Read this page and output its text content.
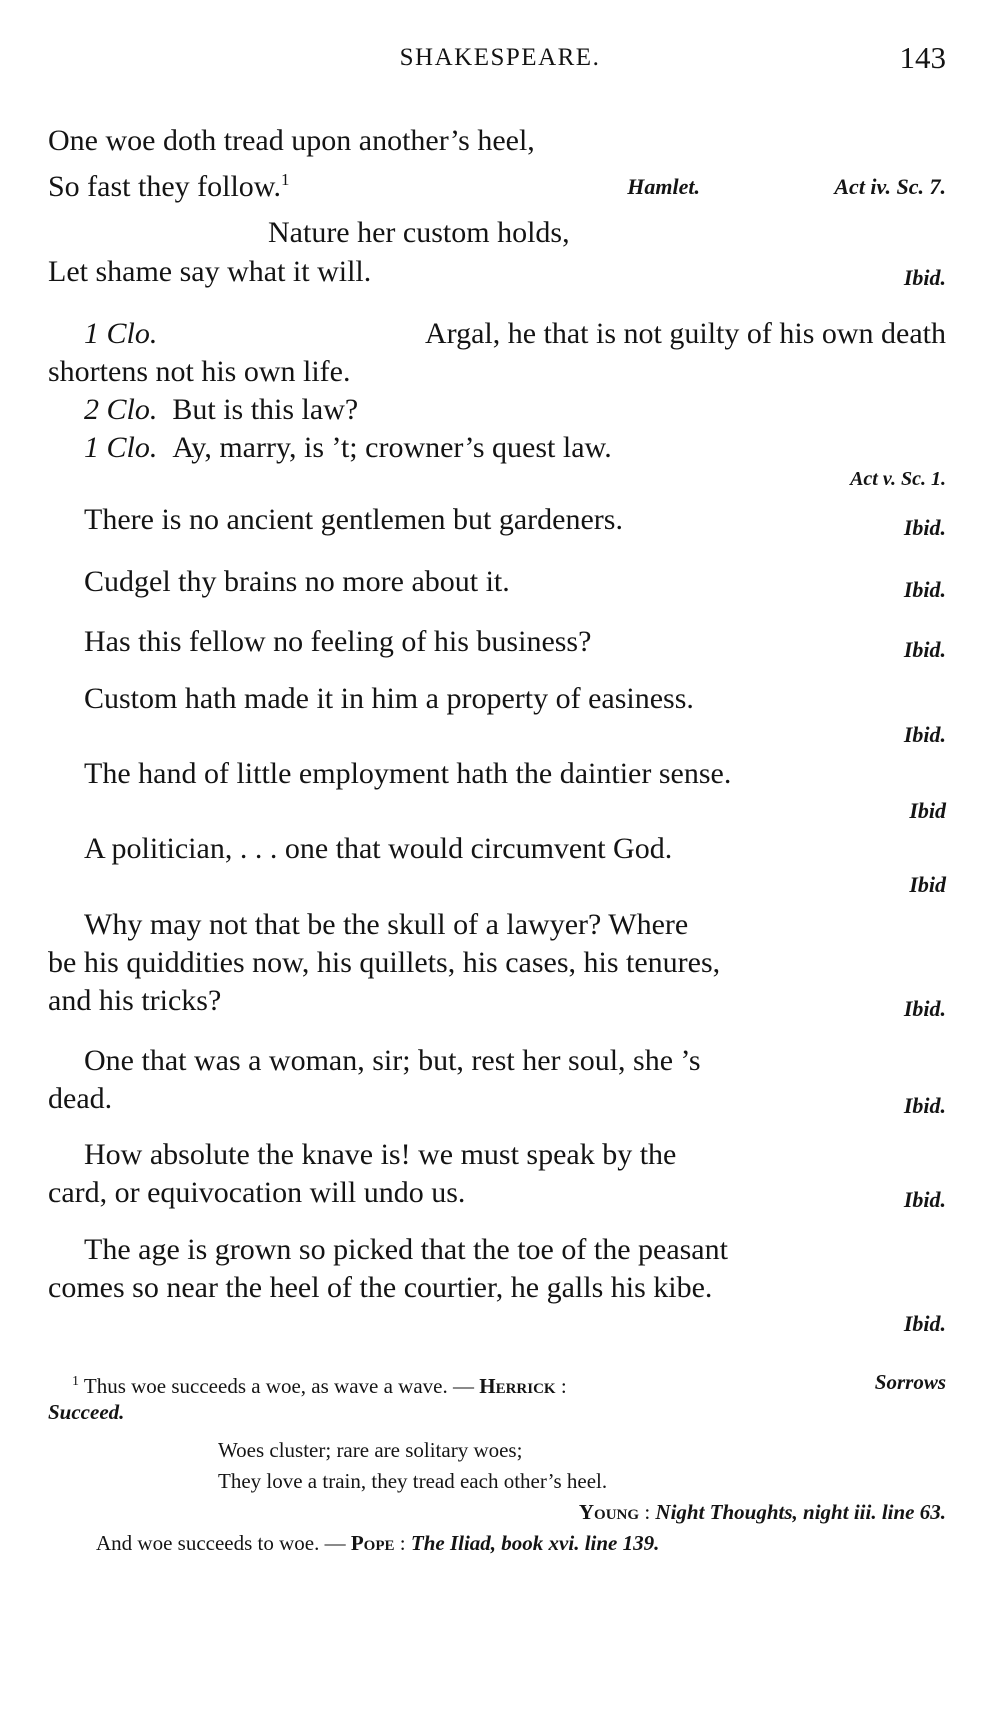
SHAKESPEARE.	143
One woe doth tread upon another’s heel,
So fast they follow.$^1$	Hamlet.	Act iv. Sc. 7.
Nature her custom holds,
Let shame say what it will.	Ibid.
1 Clo.	Argal, he that is not guilty of his own death
shortens not his own life.
2 Clo. But is this law?
1 Clo. Ay, marry, is ’t; crowner’s quest law.
Act v. Sc. 1.
There is no ancient gentlemen but gardeners.	Ibid.
Cudgel thy brains no more about it.	Ibid.
Has this fellow no feeling of his business?	Ibid.
Custom hath made it in him a property of easiness.
Ibid.
The hand of little employment hath the daintier sense.
Ibid
A politician, . . . one that would circumvent God.
Ibid
Why may not that be the skull of a lawyer? Where
be his quiddities now, his quillets, his cases, his tenures,
and his tricks?	Ibid.
One that was a woman, sir; but, rest her soul, she ’s
dead.	Ibid.
How absolute the knave is! we must speak by the
card, or equivocation will undo us.	Ibid.
The age is grown so picked that the toe of the peasant
comes so near the heel of the courtier, he galls his kibe.
Ibid.
$^1$ Thus woe succeeds a woe, as wave a wave. — Herrick :	Sorrows
Succeed.
Woes cluster; rare are solitary woes;
They love a train, they tread each other’s heel.
Young : Night Thoughts, night iii. line 63.
And woe succeeds to woe. — Pope : The Iliad, book xvi. line 139.
